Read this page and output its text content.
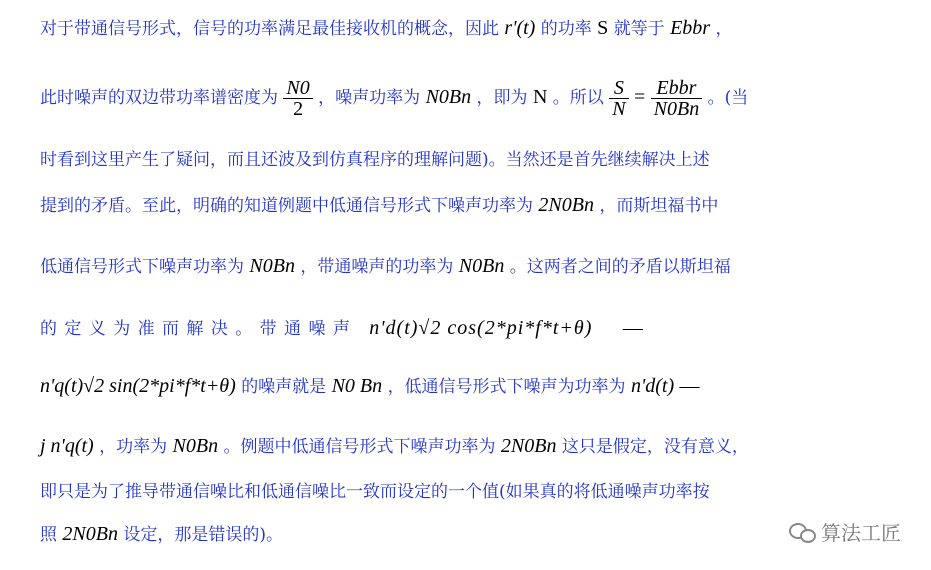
对于带通信号形式，信号的功率满足最佳接收机的概念，因此 r'(t) 的功率 S 就等于 Ebbr ，
此时噪声的双边带功率谱密度为 $\frac{N0}{2}$ ，噪声功率为 N0Bn ，即为 N 。所以 $\frac{S}{N} = \frac{\text{Ebbr}}{N0Bn}$ 。(当
时看到这里产生了疑问，而且还波及到仿真程序的理解问题)。当然还是首先继续解决上述
提到的矛盾。至此，明确的知道例题中低通信号形式下噪声功率为 2N0Bn ，而斯坦福书中
低通信号形式下噪声功率为 N0Bn ，带通噪声的功率为 N0Bn 。这两者之间的矛盾以斯坦福
的 定 义 为 准 而 解 决 。 带 通 噪 声 n'd(t)√2 cos(2*pi*f*t+θ) —
n'q(t)√2 sin(2*pi*f*t+θ) 的噪声就是 N0 Bn ，低通信号形式下噪声为功率为 n'd(t) —
j n'q(t) ，功率为 N0Bn 。例题中低通信号形式下噪声功率为 2N0Bn 这只是假定，没有意义，
即只是为了推导带通信噪比和低通信噪比一致而设定的一个值(如果真的将低通噪声功率按
照 2N0Bn 设定，那是错误的)。	算法工匠
